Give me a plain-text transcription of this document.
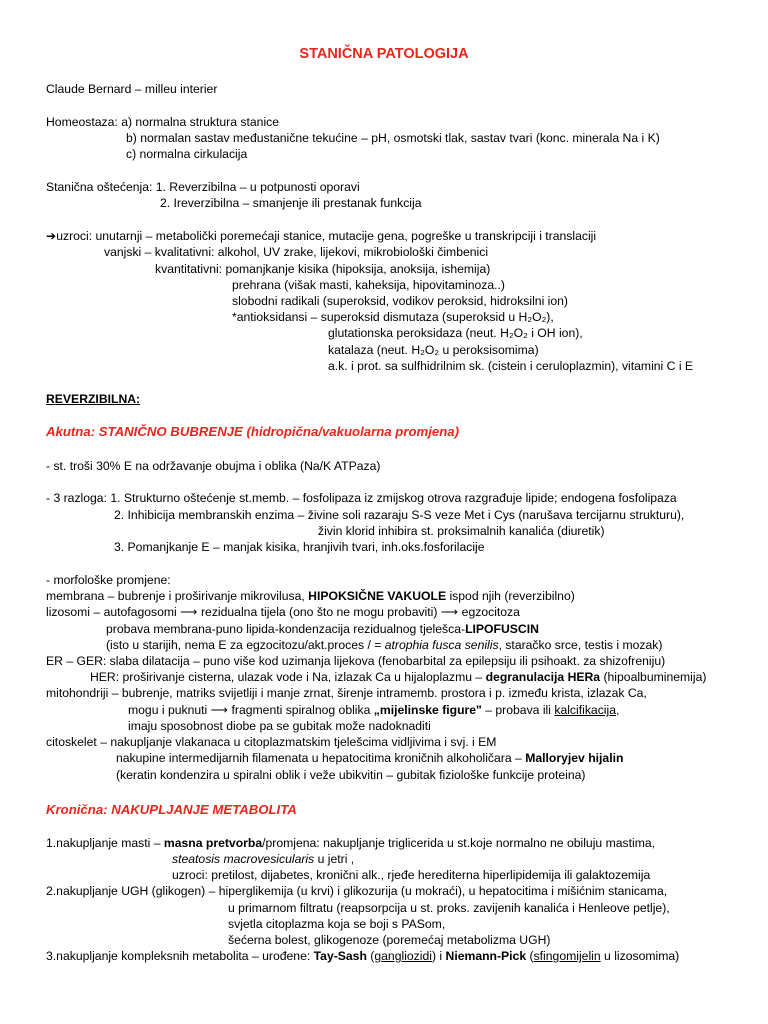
STANIČNA PATOLOGIJA
Claude Bernard – milleu interier
Homeostaza: a) normalna struktura stanice
b) normalan sastav međustanične tekućine – pH, osmotski tlak, sastav tvari (konc. minerala Na i K)
c) normalna cirkulacija
Stanična oštećenja: 1. Reverzibilna – u potpunosti oporavi
2. Ireverzibilna – smanjenje ili prestanak funkcija
➔uzroci: unutarnji – metabolički poremećaji stanice, mutacije gena, pogreške u transkripciji i translaciji
vanjski – kvalitativni: alkohol, UV zrake, lijekovi, mikrobiološki čimbenici
kvantitativni: pomanjkanje kisika (hipoksija, anoksija, ishemija)
prehrana (višak masti, kaheksija, hipovitaminoza..)
slobodni radikali (superoksid, vodikov peroksid, hidroksilni ion)
*antioksidansi – superoksid dismutaza (superoksid u H₂O₂),
glutationska peroksidaza (neut. H₂O₂ i OH ion),
katalaza (neut. H₂O₂ u peroksisomima)
a.k. i prot. sa sulfhidrilnim sk. (cistein i ceruloplazmin), vitamini C i E
REVERZIBILNA:
Akutna: STANIČNO BUBRENJE (hidropična/vakuolarna promjena)
- st. troši 30% E na održavanje obujma i oblika (Na/K ATPaza)
- 3 razloga: 1. Strukturno oštećenje st.memb. – fosfolipaza iz zmijskog otrova razgrađuje lipide; endogena fosfolipaza
2. Inhibicija membranskih enzima – živine soli razaraju S-S veze Met i Cys (narušava tercijarnu strukturu),
živin klorid inhibira st. proksimalnih kanalića (diuretik)
3. Pomanjkanje E – manjak kisika, hranjivih tvari, inh.oks.fosforilacije
- morfološke promjene:
membrana – bubrenje i proširivanje mikrovilusa, HIPOKSIČNE VAKUOLE ispod njih (reverzibilno)
lizosomi – autofagosomi ⟶ rezidualna tijela (ono što ne mogu probaviti) ⟶ egzocitoza
probava membrana-puno lipida-kondenzacija rezidualnog tjelešca-LIPOFUSCIN
(isto u starijih, nema E za egzocitozu/akt.proces / = atrophia fusca senilis, staračko srce, testis i mozak)
ER – GER: slaba dilatacija – puno više kod uzimanja lijekova (fenobarbital za epilepsiju ili psihoakt. za shizofreniju)
HER: proširivanje cisterna, ulazak vode i Na, izlazak Ca u hijaloplazmu – degranulacija HERa (hipoalbuminemija)
mitohondriji – bubrenje, matriks svijetliji i manje zrnat, širenje intramemb. prostora i p. između krista, izlazak Ca,
mogu i puknuti ⟶ fragmenti spiralnog oblika „mijelinske figure" – probava ili kalcifikacija,
imaju sposobnost diobe pa se gubitak može nadoknaditi
citoskelet – nakupljanje vlakanaca u citoplazmatskim tjelešcima vidljivima i svj. i EM
nakupine intermedijarnih filamenata u hepatocitima kroničnih alkoholičara – Malloryjev hijalin
(keratin kondenzira u spiralni oblik i veže ubikvitin – gubitak fiziološke funkcije proteina)
Kronična: NAKUPLJANJE METABOLITA
1.nakupljanje masti – masna pretvorba/promjena: nakupljanje triglicerida u st.koje normalno ne obiluju mastima,
steatosis macrovesicularis u jetri ,
uzroci: pretilost, dijabetes, kronični alk., rjeđe herediterna hiperlipidemija ili galaktozemija
2.nakupljanje UGH (glikogen) – hiperglikemija (u krvi) i glikozurija (u mokraći), u hepatocitima i mišićnim stanicama,
u primarnom filtratu (reapsorpcija u st. proks. zavijenih kanalića i Henleove petlje),
svjetla citoplazma koja se boji s PASom,
šećerna bolest, glikogenoze (poremećaj metabolizma UGH)
3.nakupljanje kompleksnih metabolita – urođene: Tay-Sash (gangliozidi) i Niemann-Pick (sfingomijelin u lizosomima)
